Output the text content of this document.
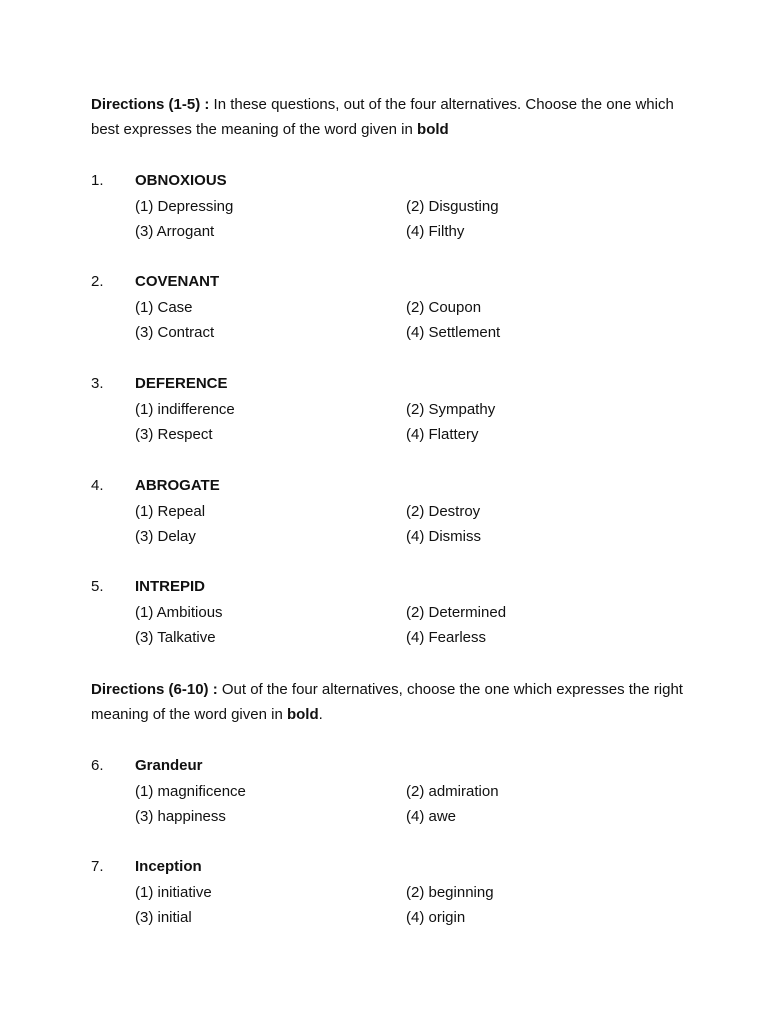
Directions (1-5) : In these questions, out of the four alternatives. Choose the one which best expresses the meaning of the word given in bold

1. OBNOXIOUS
(1) Depressing	(2) Disgusting
(3) Arrogant	(4) Filthy
2. COVENANT
(1) Case	(2) Coupon
(3) Contract	(4) Settlement
3. DEFERENCE
(1) indifference	(2) Sympathy
(3) Respect	(4) Flattery
4. ABROGATE
(1) Repeal	(2) Destroy
(3) Delay	(4) Dismiss
5. INTREPID
(1) Ambitious	(2) Determined
(3) Talkative	(4) Fearless

Directions (6-10) : Out of the four alternatives, choose the one which expresses the right meaning of the word given in bold.

6. Grandeur
(1) magnificence	(2) admiration
(3) happiness	(4) awe
7. Inception
(1) initiative	(2) beginning
(3) initial	(4) origin
